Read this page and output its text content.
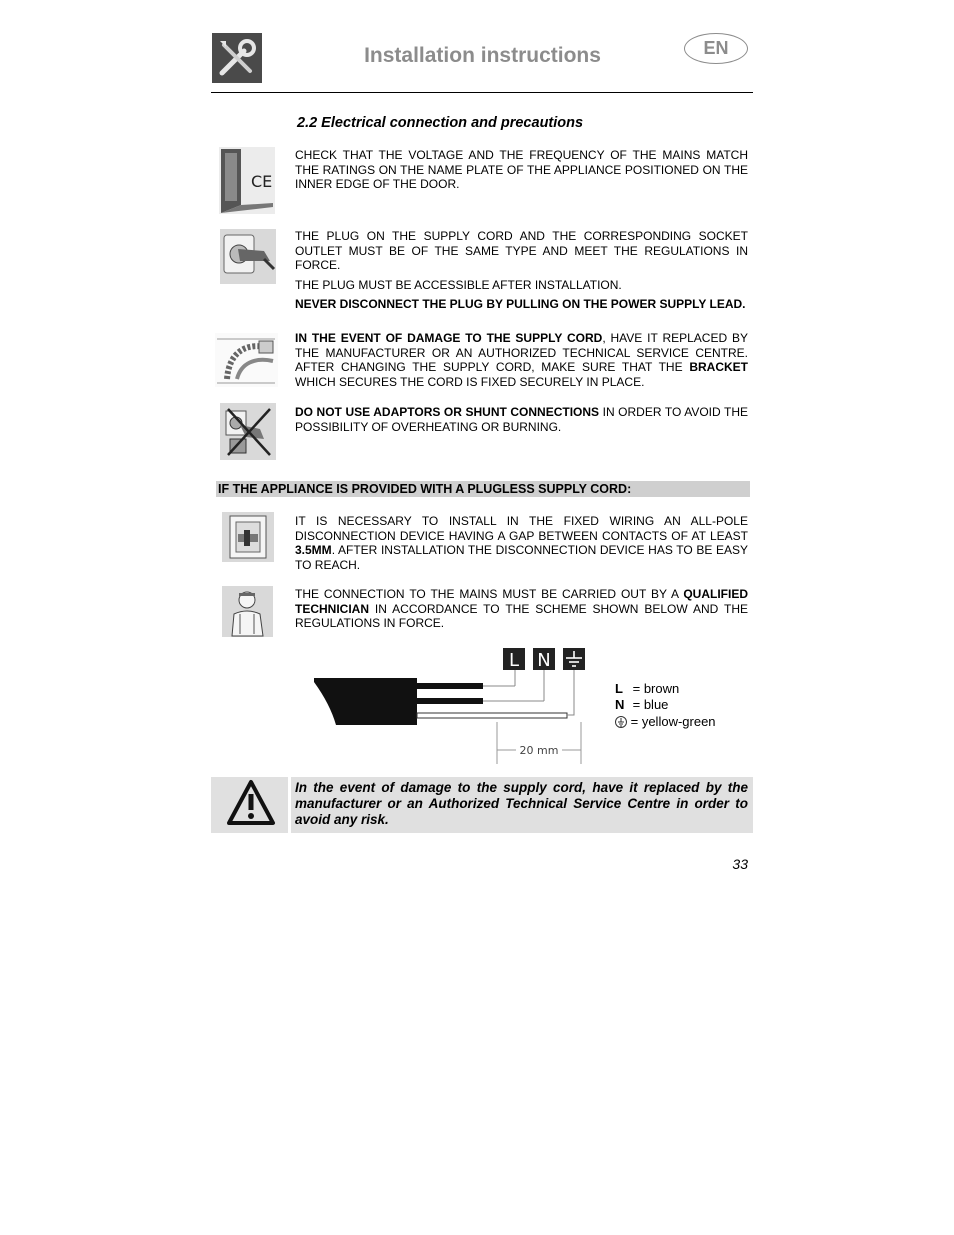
Installation instructions	EN
2.2 Electrical connection and precautions
CE
CHECK THAT THE VOLTAGE AND THE FREQUENCY OF THE MAINS MATCH THE RATINGS ON THE NAME PLATE OF THE APPLIANCE POSITIONED ON THE INNER EDGE OF THE DOOR.
THE PLUG ON THE SUPPLY CORD AND THE CORRESPONDING SOCKET OUTLET MUST BE OF THE SAME TYPE AND MEET THE REGULATIONS IN FORCE.
THE PLUG MUST BE ACCESSIBLE AFTER INSTALLATION.
NEVER DISCONNECT THE PLUG BY PULLING ON THE POWER SUPPLY LEAD.
IN THE EVENT OF DAMAGE TO THE SUPPLY CORD, HAVE IT REPLACED BY THE MANUFACTURER OR AN AUTHORIZED TECHNICAL SERVICE CENTRE. AFTER CHANGING THE SUPPLY CORD, MAKE SURE THAT THE BRACKET WHICH SECURES THE CORD IS FIXED SECURELY IN PLACE.
DO NOT USE ADAPTORS OR SHUNT CONNECTIONS IN ORDER TO AVOID THE POSSIBILITY OF OVERHEATING OR BURNING.
IF THE APPLIANCE IS PROVIDED WITH A PLUGLESS SUPPLY CORD:
IT IS NECESSARY TO INSTALL IN THE FIXED WIRING AN ALL-POLE DISCONNECTION DEVICE HAVING A GAP BETWEEN CONTACTS OF AT LEAST 3.5MM. AFTER INSTALLATION THE DISCONNECTION DEVICE HAS TO BE EASY TO REACH.
THE CONNECTION TO THE MAINS MUST BE CARRIED OUT BY A QUALIFIED TECHNICIAN IN ACCORDANCE TO THE SCHEME SHOWN BELOW AND THE REGULATIONS IN FORCE.
L N
20 mm
L = brown
N = blue
= yellow-green
In the event of damage to the supply cord, have it replaced by the manufacturer or an Authorized Technical Service Centre in order to avoid any risk.
33
